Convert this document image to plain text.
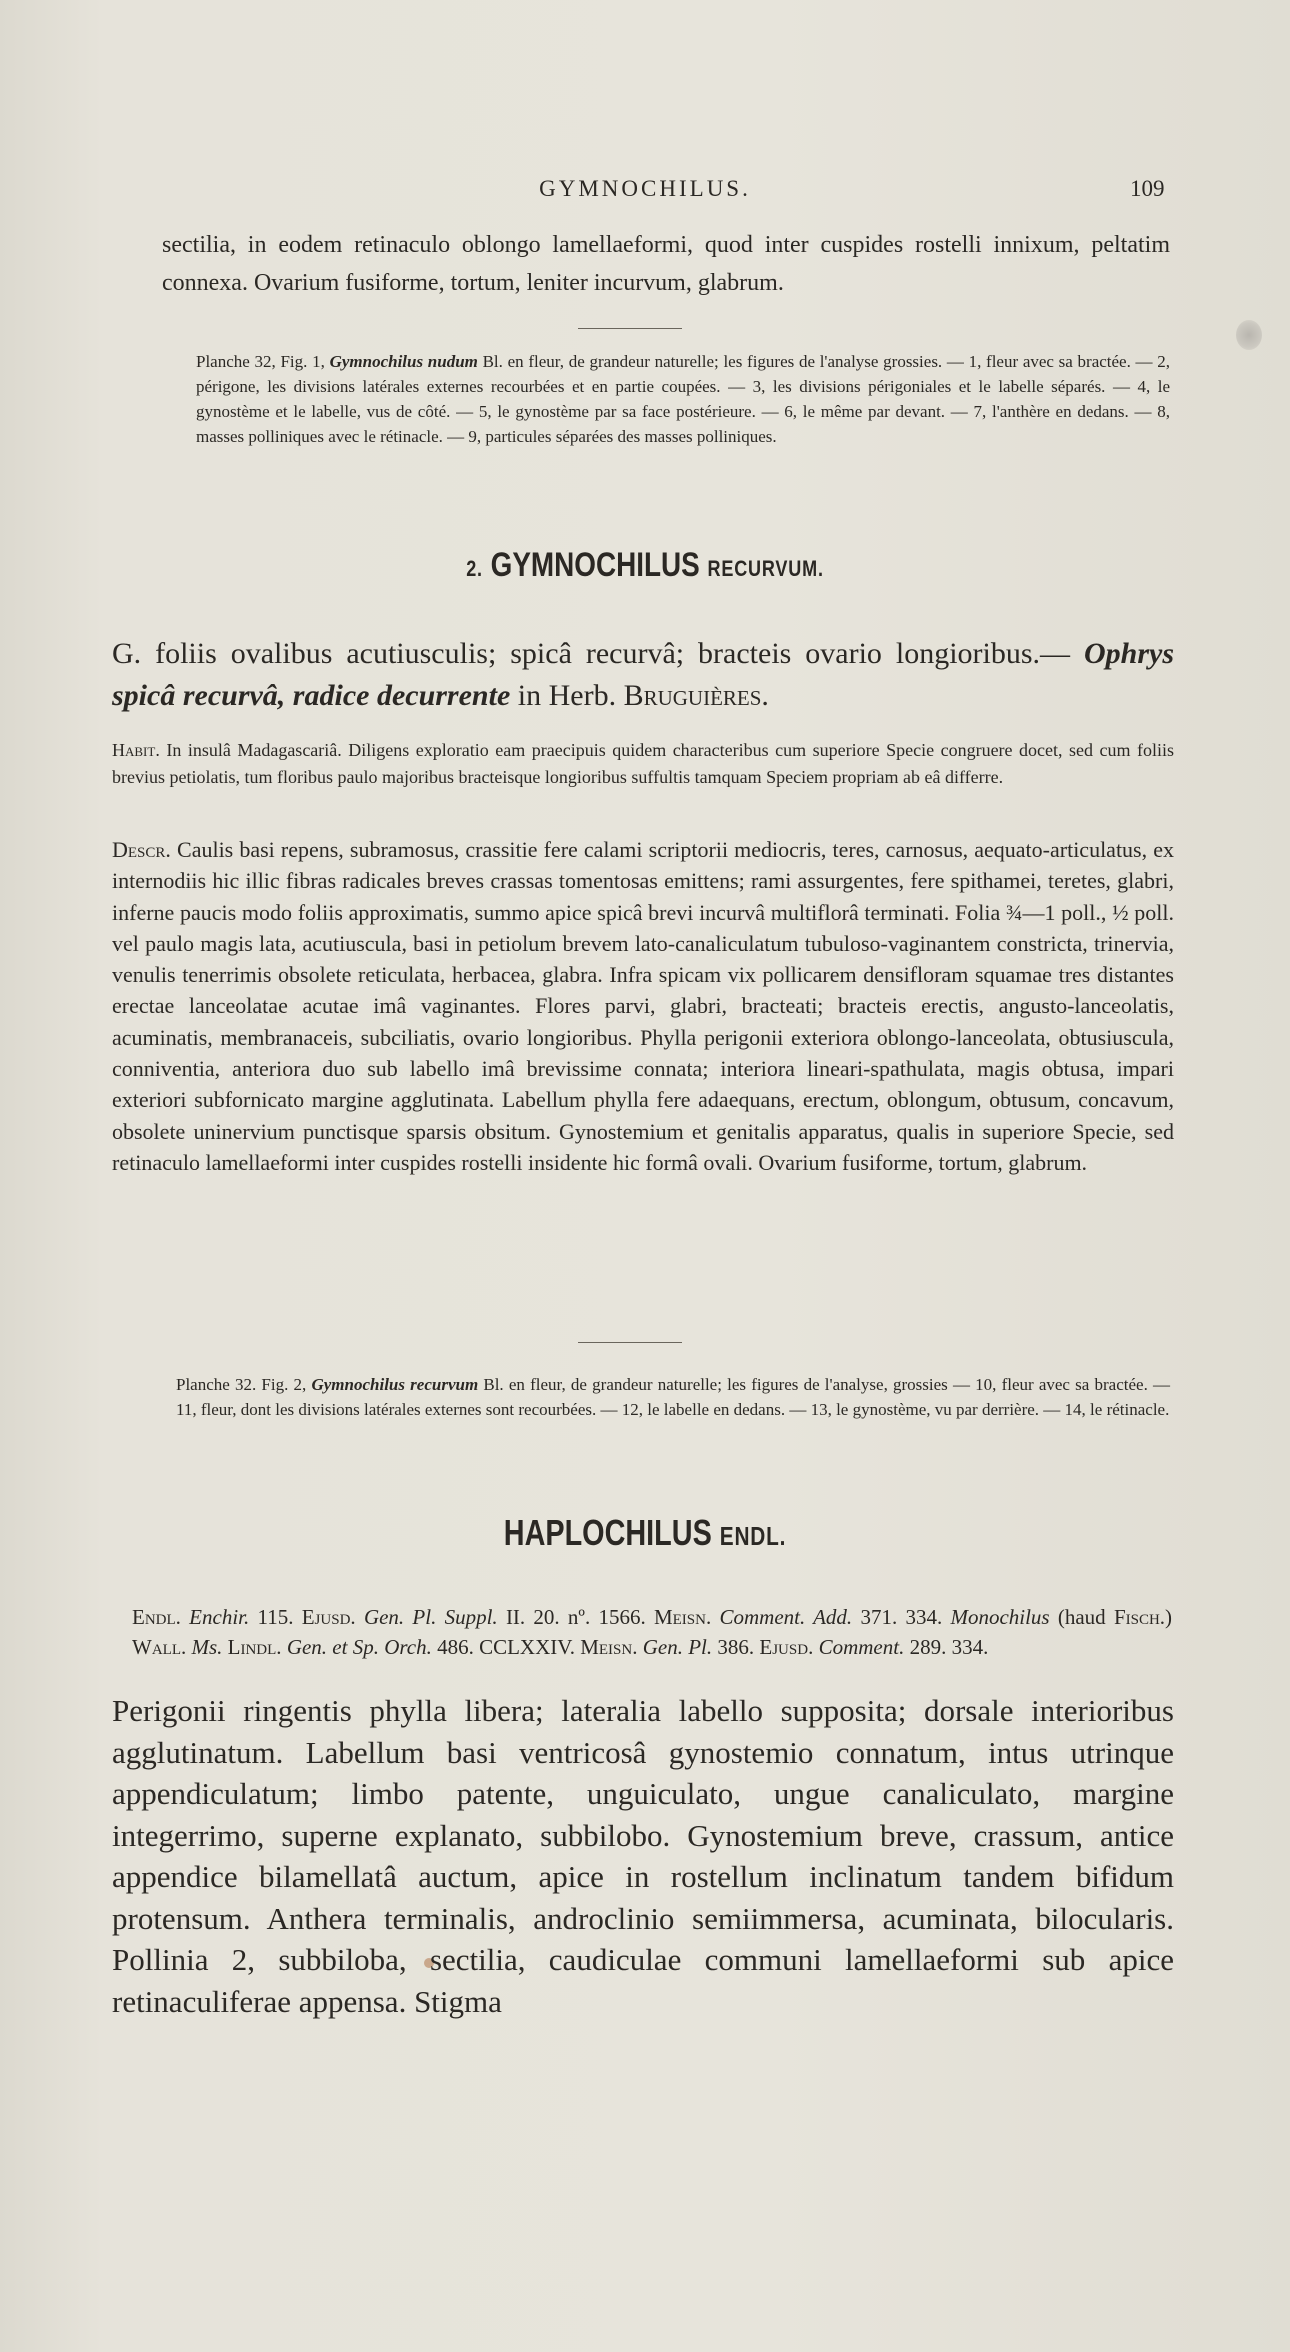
GYMNOCHILUS.	109
sectilia, in eodem retinaculo oblongo lamellaeformi, quod inter cuspides rostelli innixum, peltatim connexa. Ovarium fusiforme, tortum, leniter incurvum, glabrum.
Planche 32, Fig. 1, Gymnochilus nudum Bl. en fleur, de grandeur naturelle; les figures de l'analyse grossies. — 1, fleur avec sa bractée. — 2, périgone, les divisions latérales externes recourbées et en partie coupées. — 3, les divisions périgoniales et le labelle séparés. — 4, le gynostème et le labelle, vus de côté. — 5, le gynostème par sa face postérieure. — 6, le même par devant. — 7, l'anthère en dedans. — 8, masses polliniques avec le rétinacle. — 9, particules séparées des masses polliniques.
2. GYMNOCHILUS RECURVUM.
G. foliis ovalibus acutiusculis; spicâ recurvâ; bracteis ovario longioribus.— Ophrys spicâ recurvâ, radice decurrente in Herb. Bruguières.
Habit. In insulâ Madagascariâ. Diligens exploratio eam praecipuis quidem characteribus cum superiore Specie congruere docet, sed cum foliis brevius petiolatis, tum floribus paulo majoribus bracteisque longioribus suffultis tamquam Speciem propriam ab eâ differre.
Descr. Caulis basi repens, subramosus, crassitie fere calami scriptorii mediocris, teres, carnosus, aequato-articulatus, ex internodiis hic illic fibras radicales breves crassas tomentosas emittens; rami assurgentes, fere spithamei, teretes, glabri, inferne paucis modo foliis approximatis, summo apice spicâ brevi incurvâ multiflorâ terminati. Folia ¾—1 poll., ½ poll. vel paulo magis lata, acutiuscula, basi in petiolum brevem lato-canaliculatum tubuloso-vaginantem constricta, trinervia, venulis tenerrimis obsolete reticulata, herbacea, glabra. Infra spicam vix pollicarem densifloram squamae tres distantes erectae lanceolatae acutae imâ vaginantes. Flores parvi, glabri, bracteati; bracteis erectis, angusto-lanceolatis, acuminatis, membranaceis, subciliatis, ovario longioribus. Phylla perigonii exteriora oblongo-lanceolata, obtusiuscula, conniventia, anteriora duo sub labello imâ brevissime connata; interiora lineari-spathulata, magis obtusa, impari exteriori subfornicato margine agglutinata. Labellum phylla fere adaequans, erectum, oblongum, obtusum, concavum, obsolete uninervium punctisque sparsis obsitum. Gynostemium et genitalis apparatus, qualis in superiore Specie, sed retinaculo lamellaeformi inter cuspides rostelli insidente hic formâ ovali. Ovarium fusiforme, tortum, glabrum.
Planche 32. Fig. 2, Gymnochilus recurvum Bl. en fleur, de grandeur naturelle; les figures de l'analyse, grossies — 10, fleur avec sa bractée. — 11, fleur, dont les divisions latérales externes sont recourbées. — 12, le labelle en dedans. — 13, le gynostème, vu par derrière. — 14, le rétinacle.
HAPLOCHILUS ENDL.
Endl. Enchir. 115. Ejusd. Gen. Pl. Suppl. II. 20. nº. 1566. Meisn. Comment. Add. 371. 334. Monochilus (haud Fisch.) Wall. Ms. Lindl. Gen. et Sp. Orch. 486. CCLXXIV. Meisn. Gen. Pl. 386. Ejusd. Comment. 289. 334.
Perigonii ringentis phylla libera; lateralia labello supposita; dorsale interioribus agglutinatum. Labellum basi ventricosâ gynostemio connatum, intus utrinque appendiculatum; limbo patente, unguiculato, ungue canaliculato, margine integerrimo, superne explanato, subbilobo. Gynostemium breve, crassum, antice appendice bilamellatâ auctum, apice in rostellum inclinatum tandem bifidum protensum. Anthera terminalis, androclinio semiimmersa, acuminata, bilocularis. Pollinia 2, subbiloba, sectilia, caudiculae communi lamellaeformi sub apice retinaculiferae appensa. Stigma
